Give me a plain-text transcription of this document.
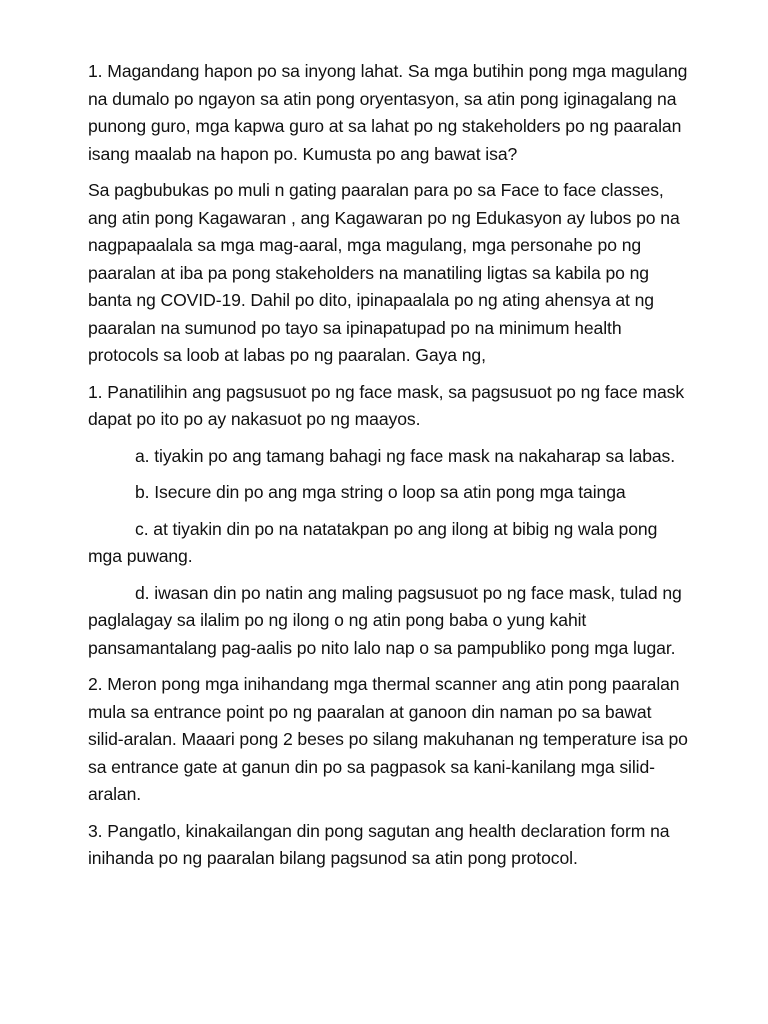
1. Magandang hapon po sa inyong lahat. Sa mga butihin pong mga magulang na dumalo po ngayon sa atin pong oryentasyon, sa atin pong iginagalang na punong guro, mga kapwa guro at sa lahat po ng stakeholders po ng paaralan isang maalab na hapon po. Kumusta po ang bawat isa?

Sa pagbubukas po muli n gating paaralan para po sa Face to face classes, ang atin pong Kagawaran , ang Kagawaran po ng Edukasyon ay lubos po na nagpapaalala sa mga mag-aaral, mga magulang, mga personahe po ng paaralan at iba pa pong stakeholders na manatiling ligtas sa kabila po ng banta ng COVID-19. Dahil po dito, ipinapaalala po ng ating ahensya at ng paaralan na sumunod po tayo sa ipinapatupad po na minimum health protocols sa loob at labas po ng paaralan. Gaya ng,

1. Panatilihin ang pagsusuot po ng face mask, sa pagsusuot po ng face mask dapat po ito po ay nakasuot po ng maayos.

a. tiyakin po ang tamang bahagi ng face mask na nakaharap sa labas.

b. Isecure din po ang mga string o loop sa atin pong mga tainga

c. at tiyakin din po na natatakpan po ang ilong at bibig ng wala pong mga puwang.

d. iwasan din po natin ang maling pagsusuot po ng face mask, tulad ng paglalagay sa ilalim po ng ilong o ng atin pong baba o yung kahit pansamantalang pag-aalis po nito lalo nap o sa pampubliko pong mga lugar.

2. Meron pong mga inihandang mga thermal scanner ang atin pong paaralan mula sa entrance point po ng paaralan at ganoon din naman po sa bawat silid-aralan. Maaari pong 2 beses po silang makuhanan ng temperature isa po sa entrance gate at ganun din po sa pagpasok sa kani-kanilang mga silid-aralan.

3. Pangatlo, kinakailangan din pong sagutan ang health declaration form na inihanda po ng paaralan bilang pagsunod sa atin pong protocol.
